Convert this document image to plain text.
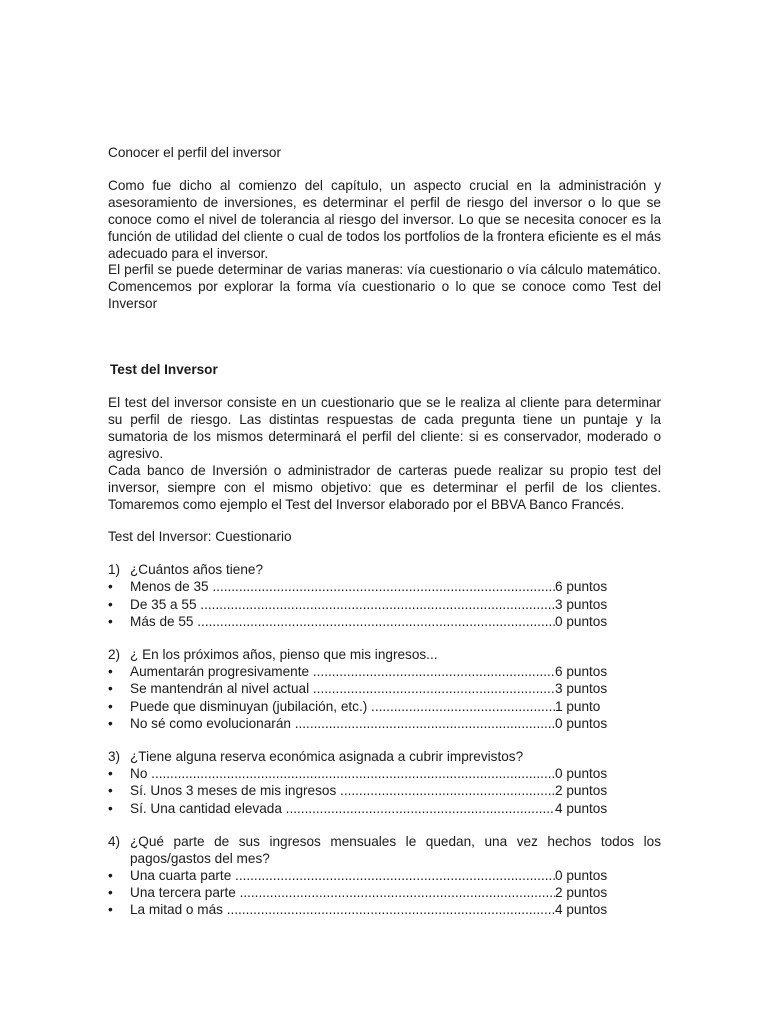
Conocer el perfil del inversor

Como fue dicho al comienzo del capítulo, un aspecto crucial en la administración y asesoramiento de inversiones, es determinar el perfil de riesgo del inversor o lo que se conoce como el nivel de tolerancia al riesgo del inversor. Lo que se necesita conocer es la función de utilidad del cliente o cual de todos los portfolios de la frontera eficiente es el más adecuado para el inversor.

El perfil se puede determinar de varias maneras: vía cuestionario o vía cálculo matemático. Comencemos por explorar la forma vía cuestionario o lo que se conoce como Test del Inversor

Test del Inversor

El test del inversor consiste en un cuestionario que se le realiza al cliente para determinar su perfil de riesgo. Las distintas respuestas de cada pregunta tiene un puntaje y la sumatoria de los mismos determinará el perfil del cliente: si es conservador, moderado o agresivo.

Cada banco de Inversión o administrador de carteras puede realizar su propio test del inversor, siempre con el mismo objetivo: que es determinar el perfil de los clientes. Tomaremos como ejemplo el Test del Inversor elaborado por el BBVA Banco Francés.

Test del Inversor: Cuestionario

1) ¿Cuántos años tiene?
•	Menos de 35 .....	6 puntos
•	De 35 a 55 .....	3 puntos
•	Más de 55 .....	0 puntos
2) ¿ En los próximos años, pienso que mis ingresos...
•	Aumentarán progresivamente .....	6 puntos
•	Se mantendrán al nivel actual .....	3 puntos
•	Puede que disminuyan (jubilación, etc.) .....	1 punto
•	No sé como evolucionarán .....	0 puntos
3) ¿Tiene alguna reserva económica asignada a cubrir imprevistos?
•	No .....	0 puntos
•	Sí. Unos 3 meses de mis ingresos .....	2 puntos
•	Sí. Una cantidad elevada .....	4 puntos
4) ¿Qué parte de sus ingresos mensuales le quedan, una vez hechos todos los pagos/gastos del mes?
•	Una cuarta parte .....	0 puntos
•	Una tercera parte .....	2 puntos
•	La mitad o más .....	4 puntos
